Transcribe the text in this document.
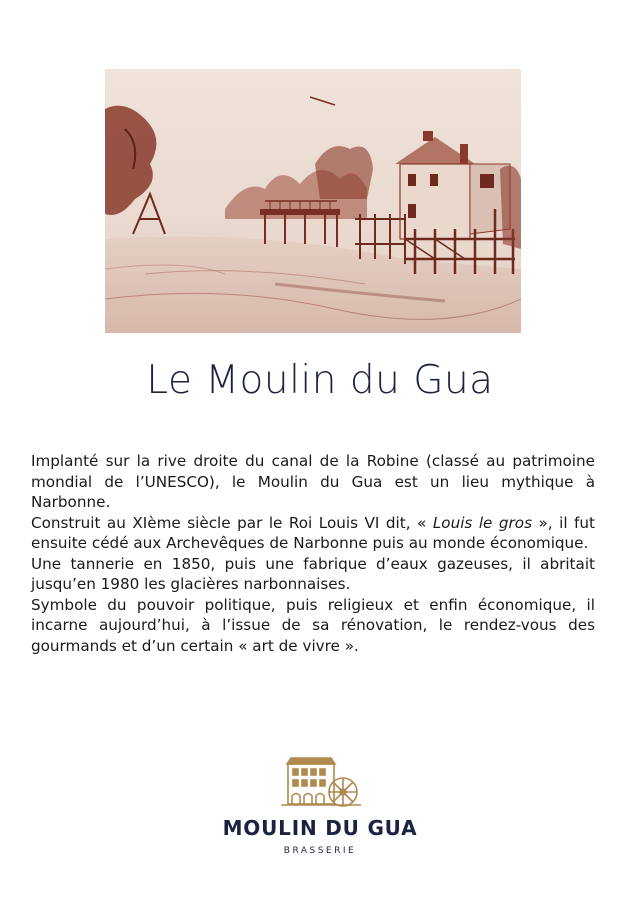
Le Moulin du Gua

Implanté sur la rive droite du canal de la Robine (classé au patrimoine mondial de l’UNESCO), le Moulin du Gua est un lieu mythique à Narbonne.

Construit au XIème siècle par le Roi Louis VI dit, « Louis le gros », il fut ensuite cédé aux Archevêques de Narbonne puis au monde économique.

Une tannerie en 1850, puis une fabrique d’eaux gazeuses, il abritait jusqu’en 1980 les glacières narbonnaises.

Symbole du pouvoir politique, puis religieux et enfin économique, il incarne aujourd’hui, à l’issue de sa rénovation, le rendez-vous des gourmands et d’un certain « art de vivre ».

MOULIN DU GUA
BRASSERIE
